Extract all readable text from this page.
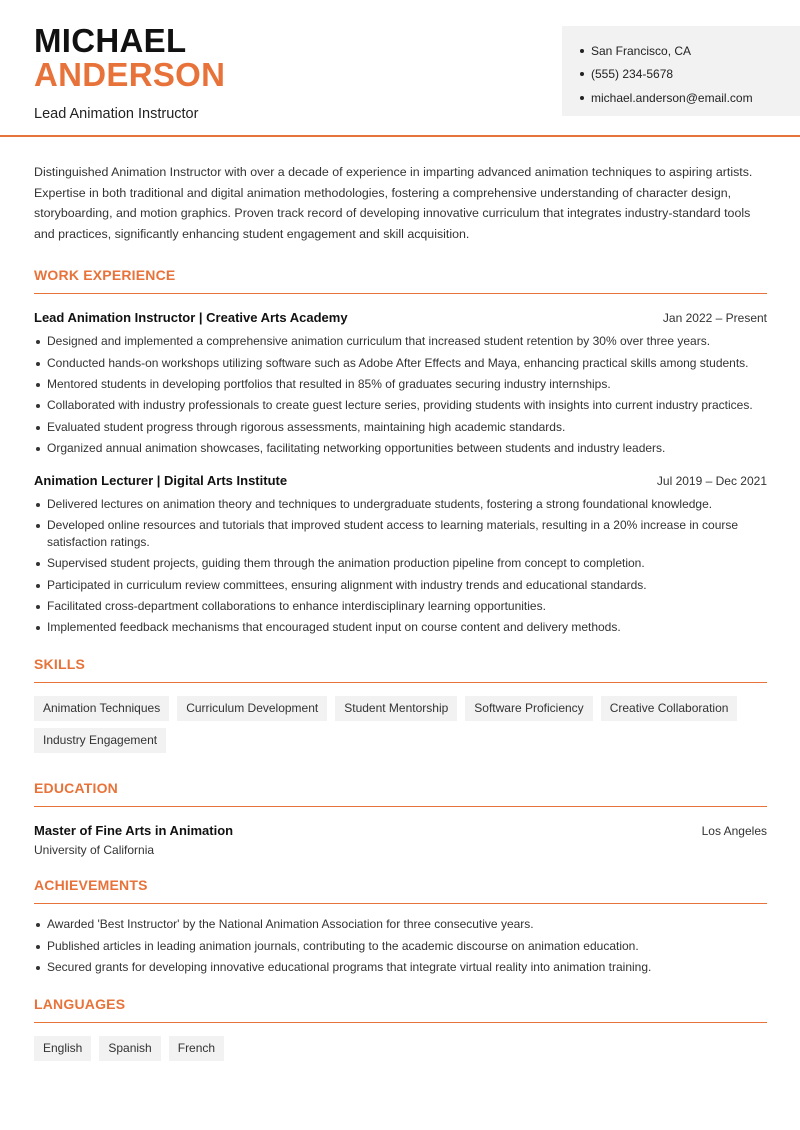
MICHAEL
ANDERSON
Lead Animation Instructor
San Francisco, CA
(555) 234-5678
michael.anderson@email.com

Distinguished Animation Instructor with over a decade of experience in imparting advanced animation techniques to aspiring artists. Expertise in both traditional and digital animation methodologies, fostering a comprehensive understanding of character design, storyboarding, and motion graphics. Proven track record of developing innovative curriculum that integrates industry-standard tools and practices, significantly enhancing student engagement and skill acquisition.

WORK EXPERIENCE
Lead Animation Instructor | Creative Arts Academy	Jan 2022 – Present
Designed and implemented a comprehensive animation curriculum that increased student retention by 30% over three years.
Conducted hands-on workshops utilizing software such as Adobe After Effects and Maya, enhancing practical skills among students.
Mentored students in developing portfolios that resulted in 85% of graduates securing industry internships.
Collaborated with industry professionals to create guest lecture series, providing students with insights into current industry practices.
Evaluated student progress through rigorous assessments, maintaining high academic standards.
Organized annual animation showcases, facilitating networking opportunities between students and industry leaders.
Animation Lecturer | Digital Arts Institute	Jul 2019 – Dec 2021
Delivered lectures on animation theory and techniques to undergraduate students, fostering a strong foundational knowledge.
Developed online resources and tutorials that improved student access to learning materials, resulting in a 20% increase in course satisfaction ratings.
Supervised student projects, guiding them through the animation production pipeline from concept to completion.
Participated in curriculum review committees, ensuring alignment with industry trends and educational standards.
Facilitated cross-department collaborations to enhance interdisciplinary learning opportunities.
Implemented feedback mechanisms that encouraged student input on course content and delivery methods.
SKILLS
Animation Techniques	Curriculum Development	Student Mentorship	Software Proficiency	Creative Collaboration
Industry Engagement
EDUCATION
Master of Fine Arts in Animation	Los Angeles
University of California
ACHIEVEMENTS
Awarded 'Best Instructor' by the National Animation Association for three consecutive years.
Published articles in leading animation journals, contributing to the academic discourse on animation education.
Secured grants for developing innovative educational programs that integrate virtual reality into animation training.
LANGUAGES
English	Spanish	French
